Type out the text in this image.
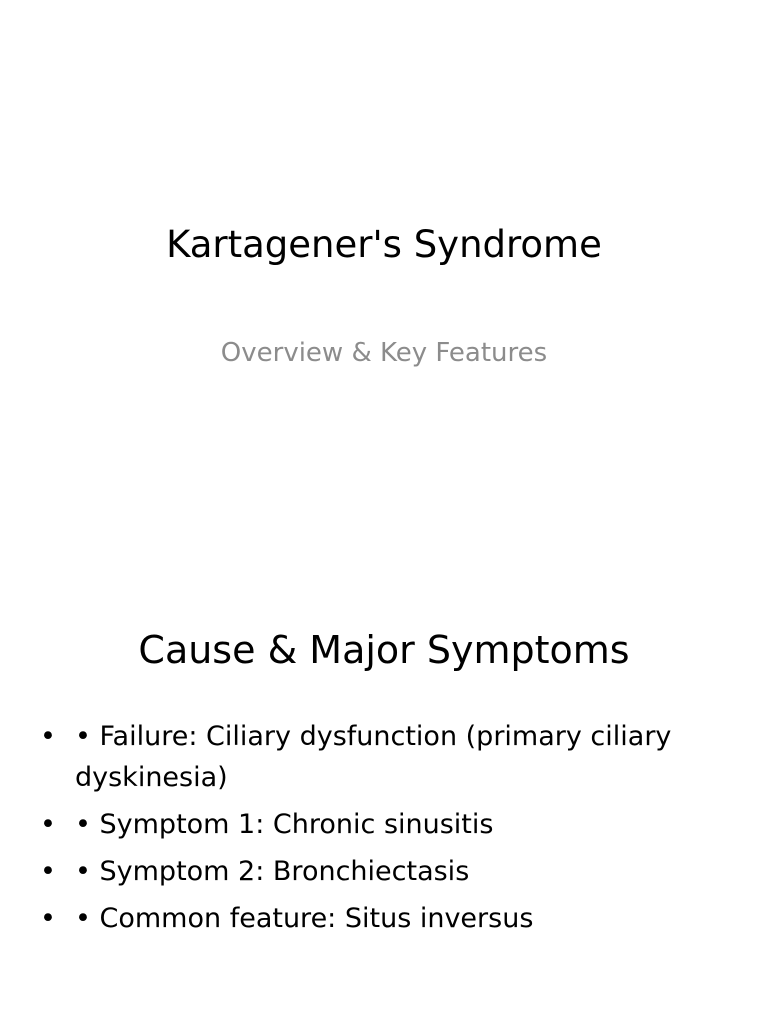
Kartagener's Syndrome
Overview & Key Features
Cause & Major Symptoms
• • Failure: Ciliary dysfunction (primary ciliary dyskinesia)
• • Symptom 1: Chronic sinusitis
• • Symptom 2: Bronchiectasis
• • Common feature: Situs inversus
